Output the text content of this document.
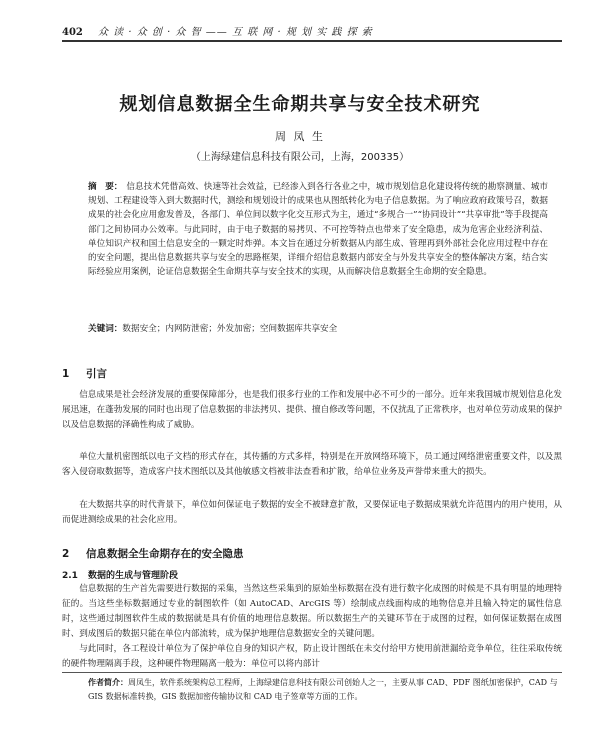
402	众 读 · 众 创 · 众 智 —— 互 联 网 · 规 划 实 践 探 索
规划信息数据全生命期共享与安全技术研究
周 凤 生
（上海绿建信息科技有限公司，上海，200335）
摘　要： 信息技术凭借高效、快速等社会效益，已经渗入到各行各业之中，城市规划信息化建设将传统的勘察测量、城市规划、工程建设等入到大数据时代，测绘和规划设计的成果也从图纸转化为电子信息数据。为了响应政府政策号召，数据成果的社会化应用愈发普及，各部门、单位间以数字化交互形式为主，通过“多规合一”“协同设计”“共享审批”等手段提高部门之间协同办公效率。与此同时，由于电子数据的易拷贝、不可控等特点也带来了安全隐患，成为危害企业经济利益、单位知识产权和国土信息安全的一颗定时炸弹。本文旨在通过分析数据从内部生成、管理再到外部社会化应用过程中存在的安全问题，提出信息数据共享与安全的思路框架，详细介绍信息数据内部安全与外发共享安全的整体解决方案，结合实际经验应用案例，论证信息数据全生命期共享与安全技术的实现，从而解决信息数据全生命期的安全隐患。
关键词：数据安全；内网防泄密；外发加密；空间数据库共享安全
1 引言
信息成果是社会经济发展的重要保障部分，也是我们很多行业的工作和发展中必不可少的一部分。近年来我国城市规划信息化发展迅速，在蓬勃发展的同时也出现了信息数据的非法拷贝、提供、擅自修改等问题，不仅扰乱了正常秩序，也对单位劳动成果的保护以及信息数据的泽确性构成了威胁。
单位大量机密图纸以电子文档的形式存在，其传播的方式多样，特别是在开放网络环境下，员工通过网络泄密重要文件，以及黑客入侵窃取数据等，造成客户技术图纸以及其他敏感文档被非法查看和扩散，给单位业务及声誉带来重大的损失。
在大数据共享的时代背景下，单位如何保证电子数据的安全不被肆意扩散，又要保证电子数据成果就允许范围内的用户使用，从而促进测绘成果的社会化应用。
2 信息数据全生命期存在的安全隐患
2.1 数据的生成与管理阶段
信息数据的生产首先需要进行数据的采集，当然这些采集到的原始坐标数据在没有进行数字化成图的时候是不具有明显的地理特征的。当这些坐标数据通过专业的制图软件（如 AutoCAD、ArcGIS 等）绘制成点线面构成的地物信息并且输入特定的属性信息时，这些通过制图软件生成的数据就是具有价值的地理信息数据。所以数据生产的关键环节在于成图的过程，如何保证数据在成图时、到成图后的数据只能在单位内部流转，成为保护地理信息数据安全的关键问题。
与此同时，各工程设计单位为了保护单位自身的知识产权，防止设计图纸在未交付给甲方使用前泄漏给竞争单位，往往采取传统的硬件物理隔离手段，这种硬件物理隔离一般为：单位可以将内部计
作者简介：周凤生，软件系统架构总工程师，上海绿建信息科技有限公司创始人之一，主要从事 CAD、PDF 图纸加密保护，CAD 与 GIS 数据标准转换，GIS 数据加密传输协议和 CAD 电子签章等方面的工作。
